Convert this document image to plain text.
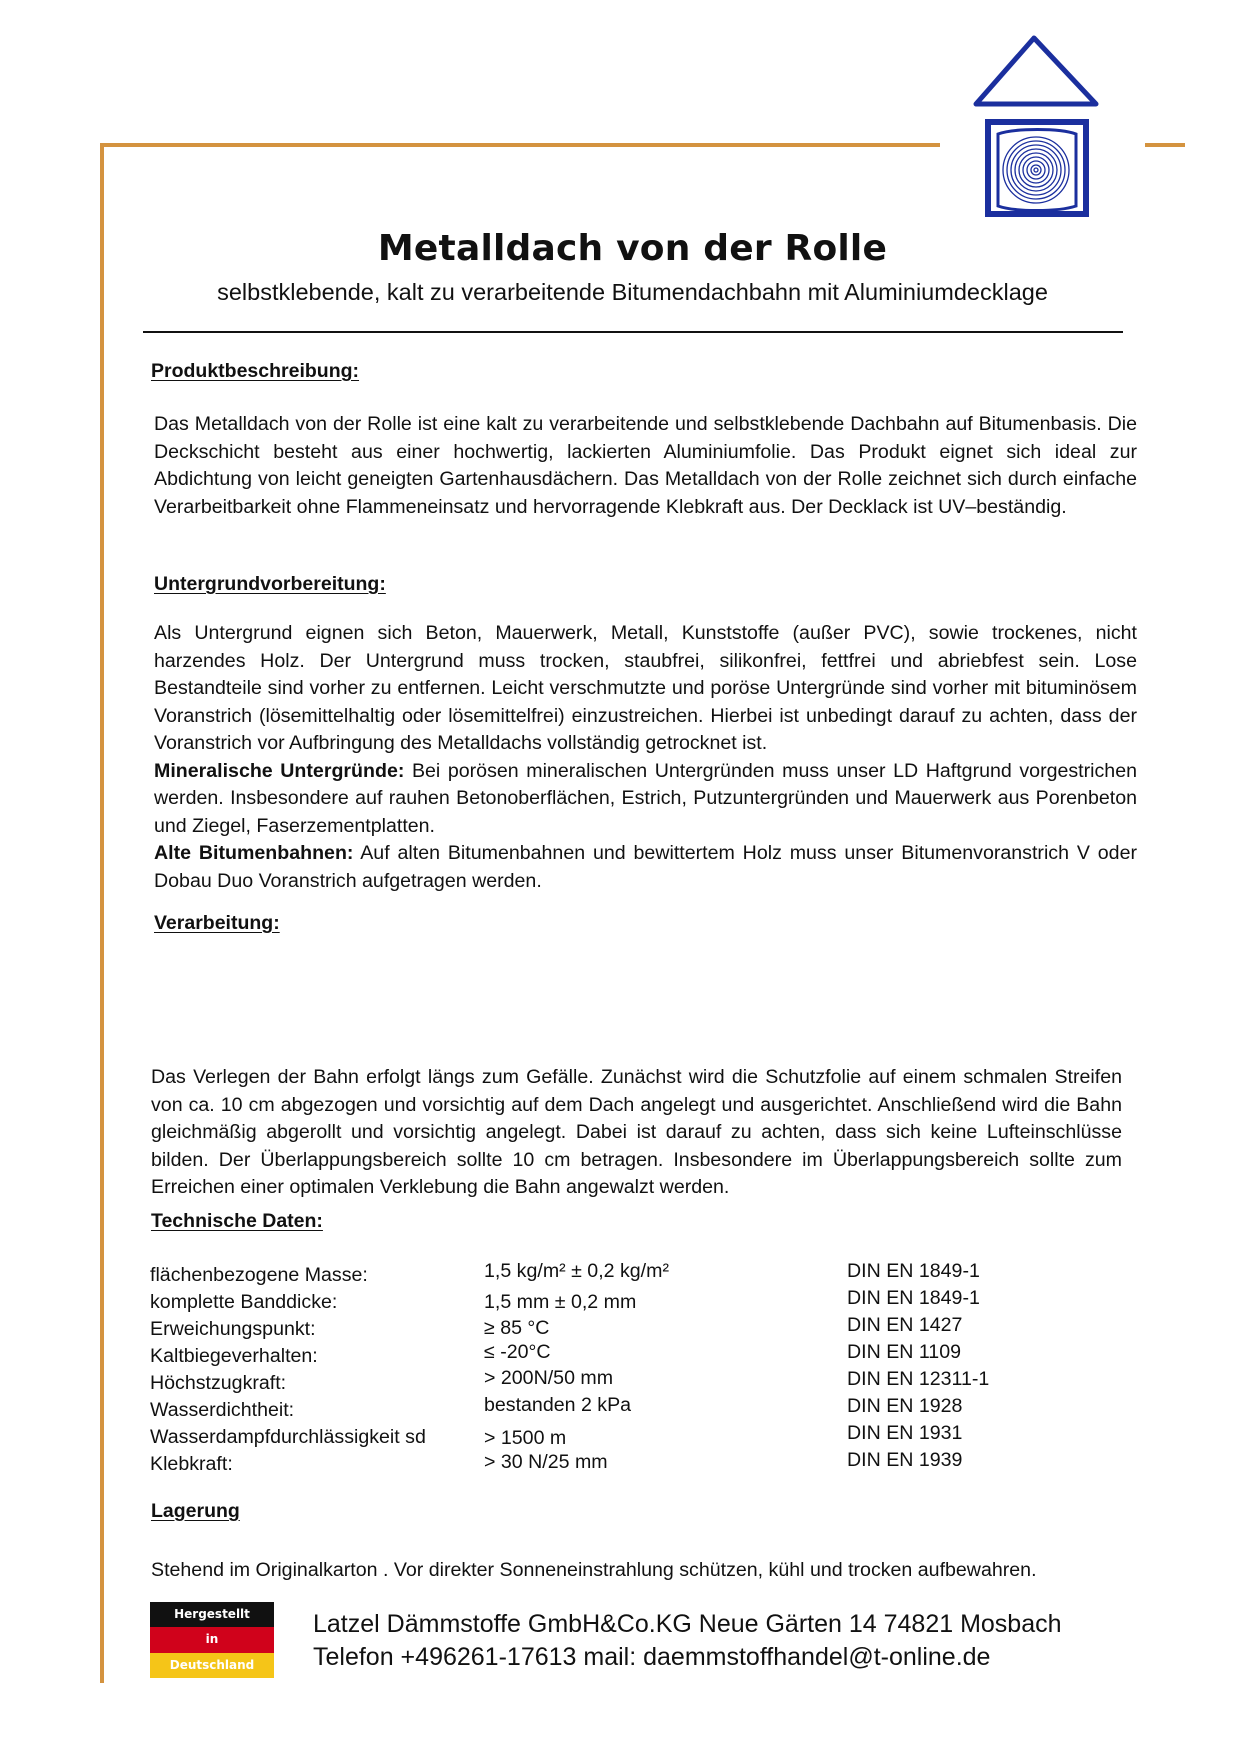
Metalldach von der Rolle
selbstklebende, kalt zu verarbeitende Bitumendachbahn mit Aluminiumdecklage
Produktbeschreibung:

Das Metalldach von der Rolle ist eine kalt zu verarbeitende und selbstklebende Dachbahn auf Bitumenbasis. Die Deckschicht besteht aus einer hochwertig, lackierten Aluminiumfolie. Das Produkt eignet sich ideal zur Abdichtung von leicht geneigten Gartenhausdächern. Das Metalldach von der Rolle zeichnet sich durch einfache Verarbeitbarkeit ohne Flammeneinsatz und hervorragende Klebkraft aus. Der Decklack ist UV–beständig.

Untergrundvorbereitung:

Als Untergrund eignen sich Beton, Mauerwerk, Metall, Kunststoffe (außer PVC), sowie trockenes, nicht harzendes Holz. Der Untergrund muss trocken, staubfrei, silikonfrei, fettfrei und abriebfest sein. Lose Bestandteile sind vorher zu entfernen. Leicht verschmutzte und poröse Untergründe sind vorher mit bituminösem Voranstrich (lösemittelhaltig oder lösemittelfrei) einzustreichen. Hierbei ist unbedingt darauf zu achten, dass der Voranstrich vor Aufbringung des Metalldachs vollständig getrocknet ist.

Mineralische Untergründe: Bei porösen mineralischen Untergründen muss unser LD Haftgrund vorgestrichen werden. Insbesondere auf rauhen Betonoberflächen, Estrich, Putzuntergründen und Mauerwerk aus Porenbeton und Ziegel, Faserzementplatten.

Alte Bitumenbahnen: Auf alten Bitumenbahnen und bewittertem Holz muss unser Bitumenvoranstrich V oder Dobau Duo Voranstrich aufgetragen werden.

Verarbeitung:

Das Verlegen der Bahn erfolgt längs zum Gefälle. Zunächst wird die Schutzfolie auf einem schmalen Streifen von ca. 10 cm abgezogen und vorsichtig auf dem Dach angelegt und ausgerichtet. Anschließend wird die Bahn gleichmäßig abgerollt und vorsichtig angelegt. Dabei ist darauf zu achten, dass sich keine Lufteinschlüsse bilden. Der Überlappungsbereich sollte 10 cm betragen. Insbesondere im Überlappungsbereich sollte zum Erreichen einer optimalen Verklebung die Bahn angewalzt werden.

Technische Daten:
flächenbezogene Masse:	1,5 kg/m² ± 0,2 kg/m²	DIN EN 1849-1
komplette Banddicke:	1,5 mm ± 0,2 mm	DIN EN 1849-1
Erweichungspunkt:	≥ 85 °C	DIN EN 1427
Kaltbiegeverhalten:	≤ -20°C	DIN EN 1109
Höchstzugkraft:	> 200N/50 mm	DIN EN 12311-1
Wasserdichtheit:	bestanden 2 kPa	DIN EN 1928
Wasserdampfdurchlässigkeit sd	> 1500 m	DIN EN 1931
Klebkraft:	> 30 N/25 mm	DIN EN 1939
Lagerung
Stehend im Originalkarton . Vor direkter Sonneneinstrahlung schützen, kühl und trocken aufbewahren.
Hergestellt
in
Deutschland
Latzel Dämmstoffe GmbH&Co.KG Neue Gärten 14 74821 Mosbach
Telefon +496261-17613 mail: daemmstoffhandel@t-online.de
